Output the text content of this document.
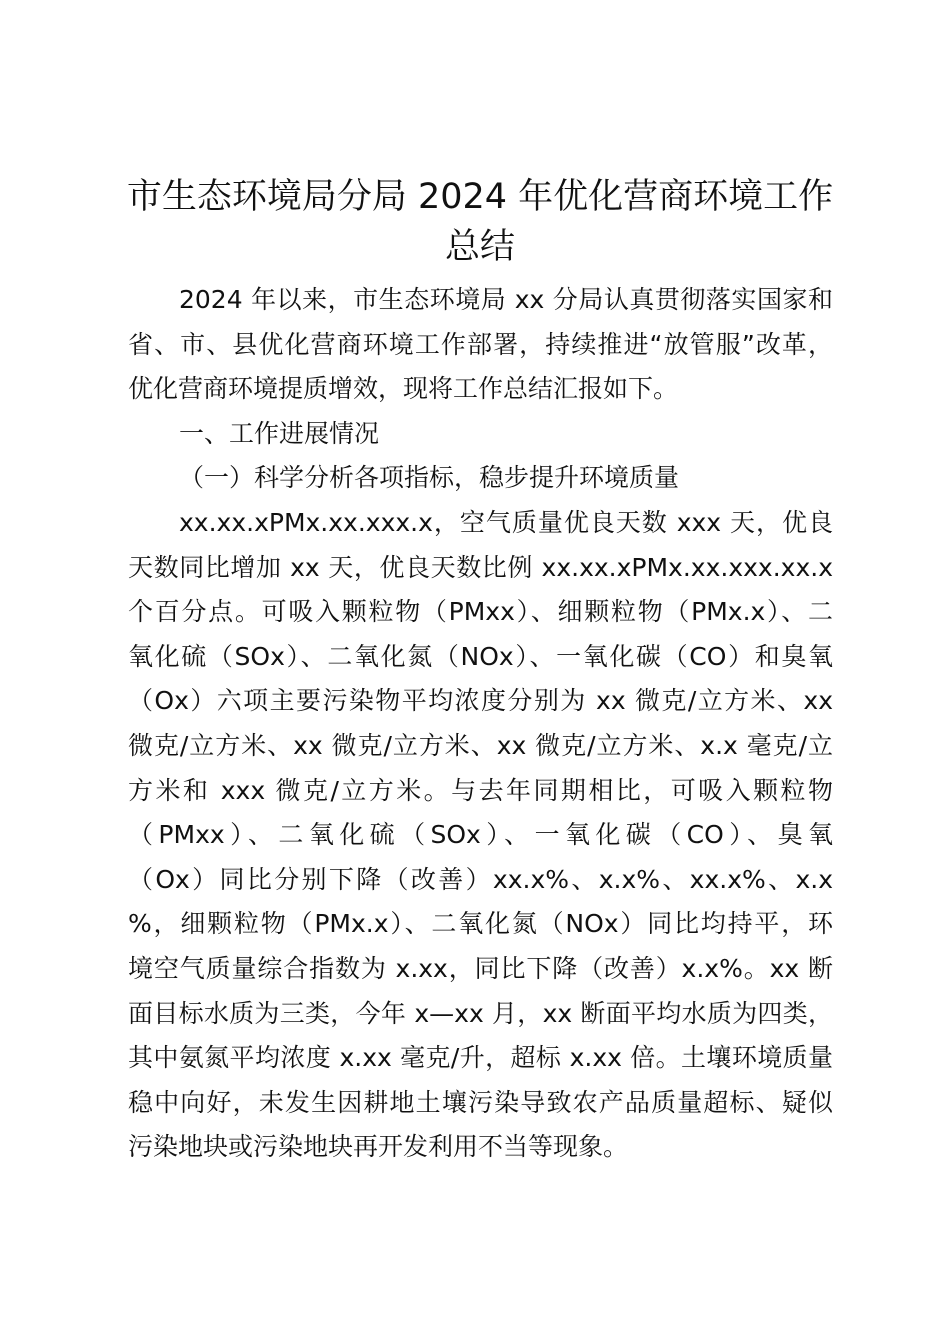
市生态环境局分局 2024 年优化营商环境工作
总结
2024 年以来，市生态环境局 xx 分局认真贯彻落实国家和
省、市、县优化营商环境工作部署，持续推进“放管服”改革，
优化营商环境提质增效，现将工作总结汇报如下。
一、工作进展情况
（一）科学分析各项指标，稳步提升环境质量
xx.xx.xPMx.xx.xxx.x，空气质量优良天数 xxx 天，优良
天数同比增加 xx 天，优良天数比例 xx.xx.xPMx.xx.xxx.xx.x
个百分点。可吸入颗粒物（PMxx）、细颗粒物（PMx.x）、二
氧化硫（SOx）、二氧化氮（NOx）、一氧化碳（CO）和臭氧
（Ox）六项主要污染物平均浓度分别为 xx 微克/立方米、xx
微克/立方米、xx 微克/立方米、xx 微克/立方米、x.x 毫克/立
方米和 xxx 微克/立方米。与去年同期相比，可吸入颗粒物
（PMxx）、二氧化硫（SOx）、一氧化碳（CO）、臭氧
（Ox）同比分别下降（改善）xx.x%、x.x%、xx.x%、x.x
%，细颗粒物（PMx.x）、二氧化氮（NOx）同比均持平，环
境空气质量综合指数为 x.xx，同比下降（改善）x.x%。xx 断
面目标水质为三类，今年 x—xx 月，xx 断面平均水质为四类，
其中氨氮平均浓度 x.xx 毫克/升，超标 x.xx 倍。土壤环境质量
稳中向好，未发生因耕地土壤污染导致农产品质量超标、疑似
污染地块或污染地块再开发利用不当等现象。
